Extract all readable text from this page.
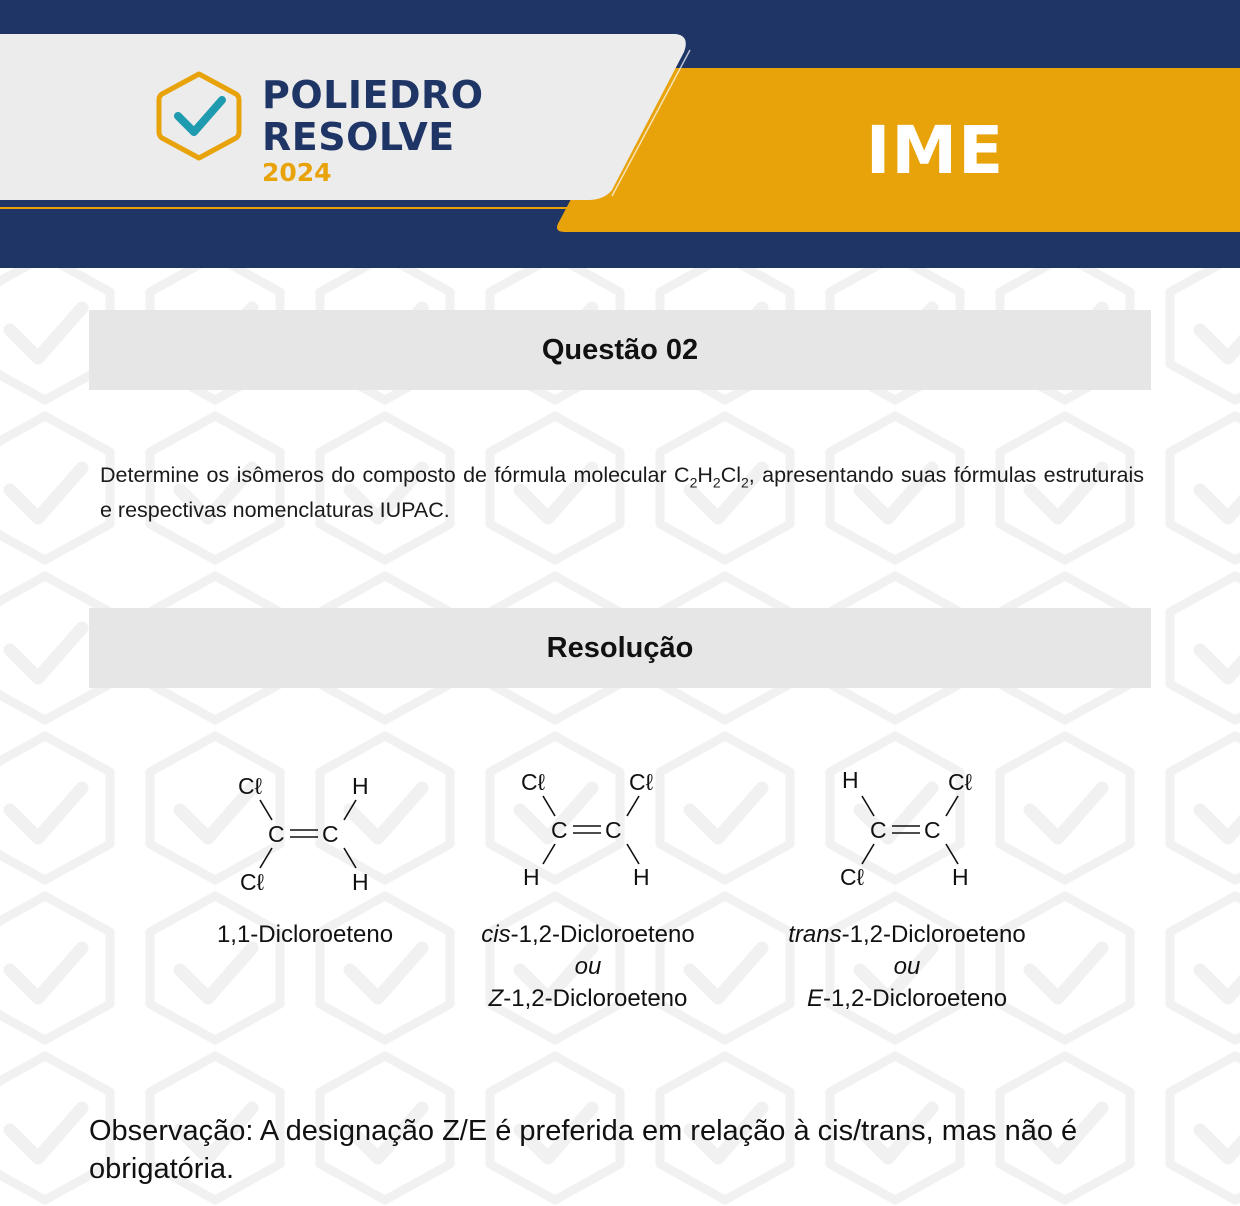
POLIEDRO
RESOLVE
2024	IME
Questão 02
Determine os isômeros do composto de fórmula molecular $C_2H_2Cl_2$, apresentando suas fórmulas estruturais e respectivas nomenclaturas IUPAC.
Resolução
Cℓ	H
C C
Cℓ	H
1,1-Dicloroeteno
Cℓ	Cℓ
C C
H	H
cis-1,2-Dicloroeteno
ou
Z-1,2-Dicloroeteno
H	Cℓ
C C
Cℓ	H
trans-1,2-Dicloroeteno
ou
E-1,2-Dicloroeteno
Observação: A designação Z/E é preferida em relação à cis/trans, mas não é obrigatória.
